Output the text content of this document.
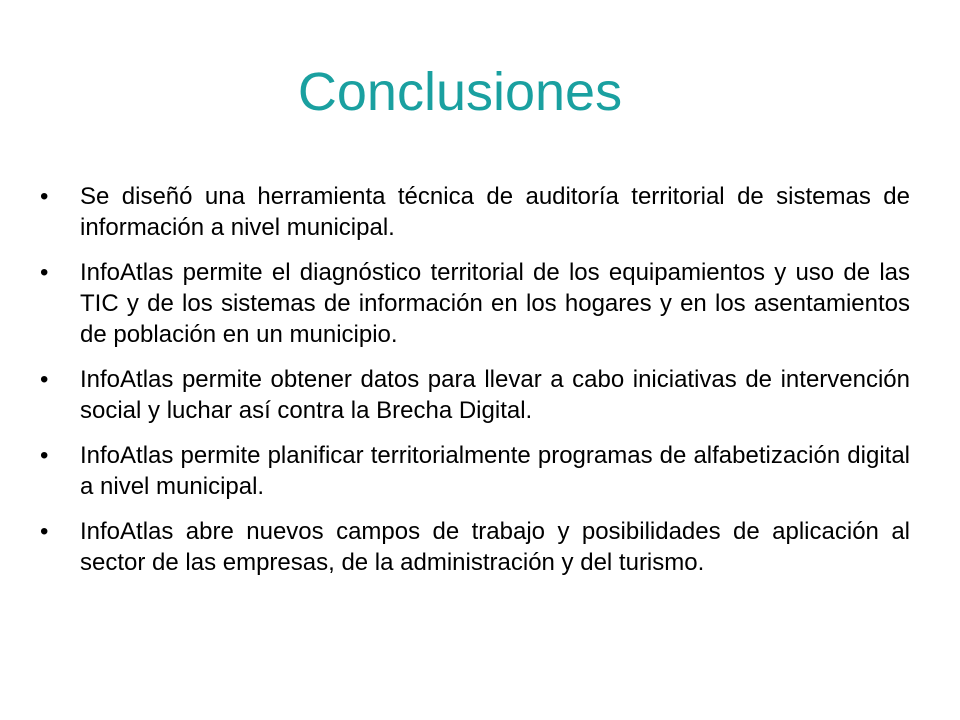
Conclusiones
•	Se diseñó una herramienta técnica de auditoría territorial de sistemas de información a nivel municipal.
•	InfoAtlas permite el diagnóstico territorial de los equipamientos y uso de las TIC y de los sistemas de información en los hogares y en los asentamientos de población en un municipio.
•	InfoAtlas permite obtener datos para llevar a cabo iniciativas de intervención social y luchar así contra la Brecha Digital.
•	InfoAtlas permite planificar territorialmente programas de alfabetización digital a nivel municipal.
•	InfoAtlas abre nuevos campos de trabajo y posibilidades de aplicación al sector de las empresas, de la administración y del turismo.
